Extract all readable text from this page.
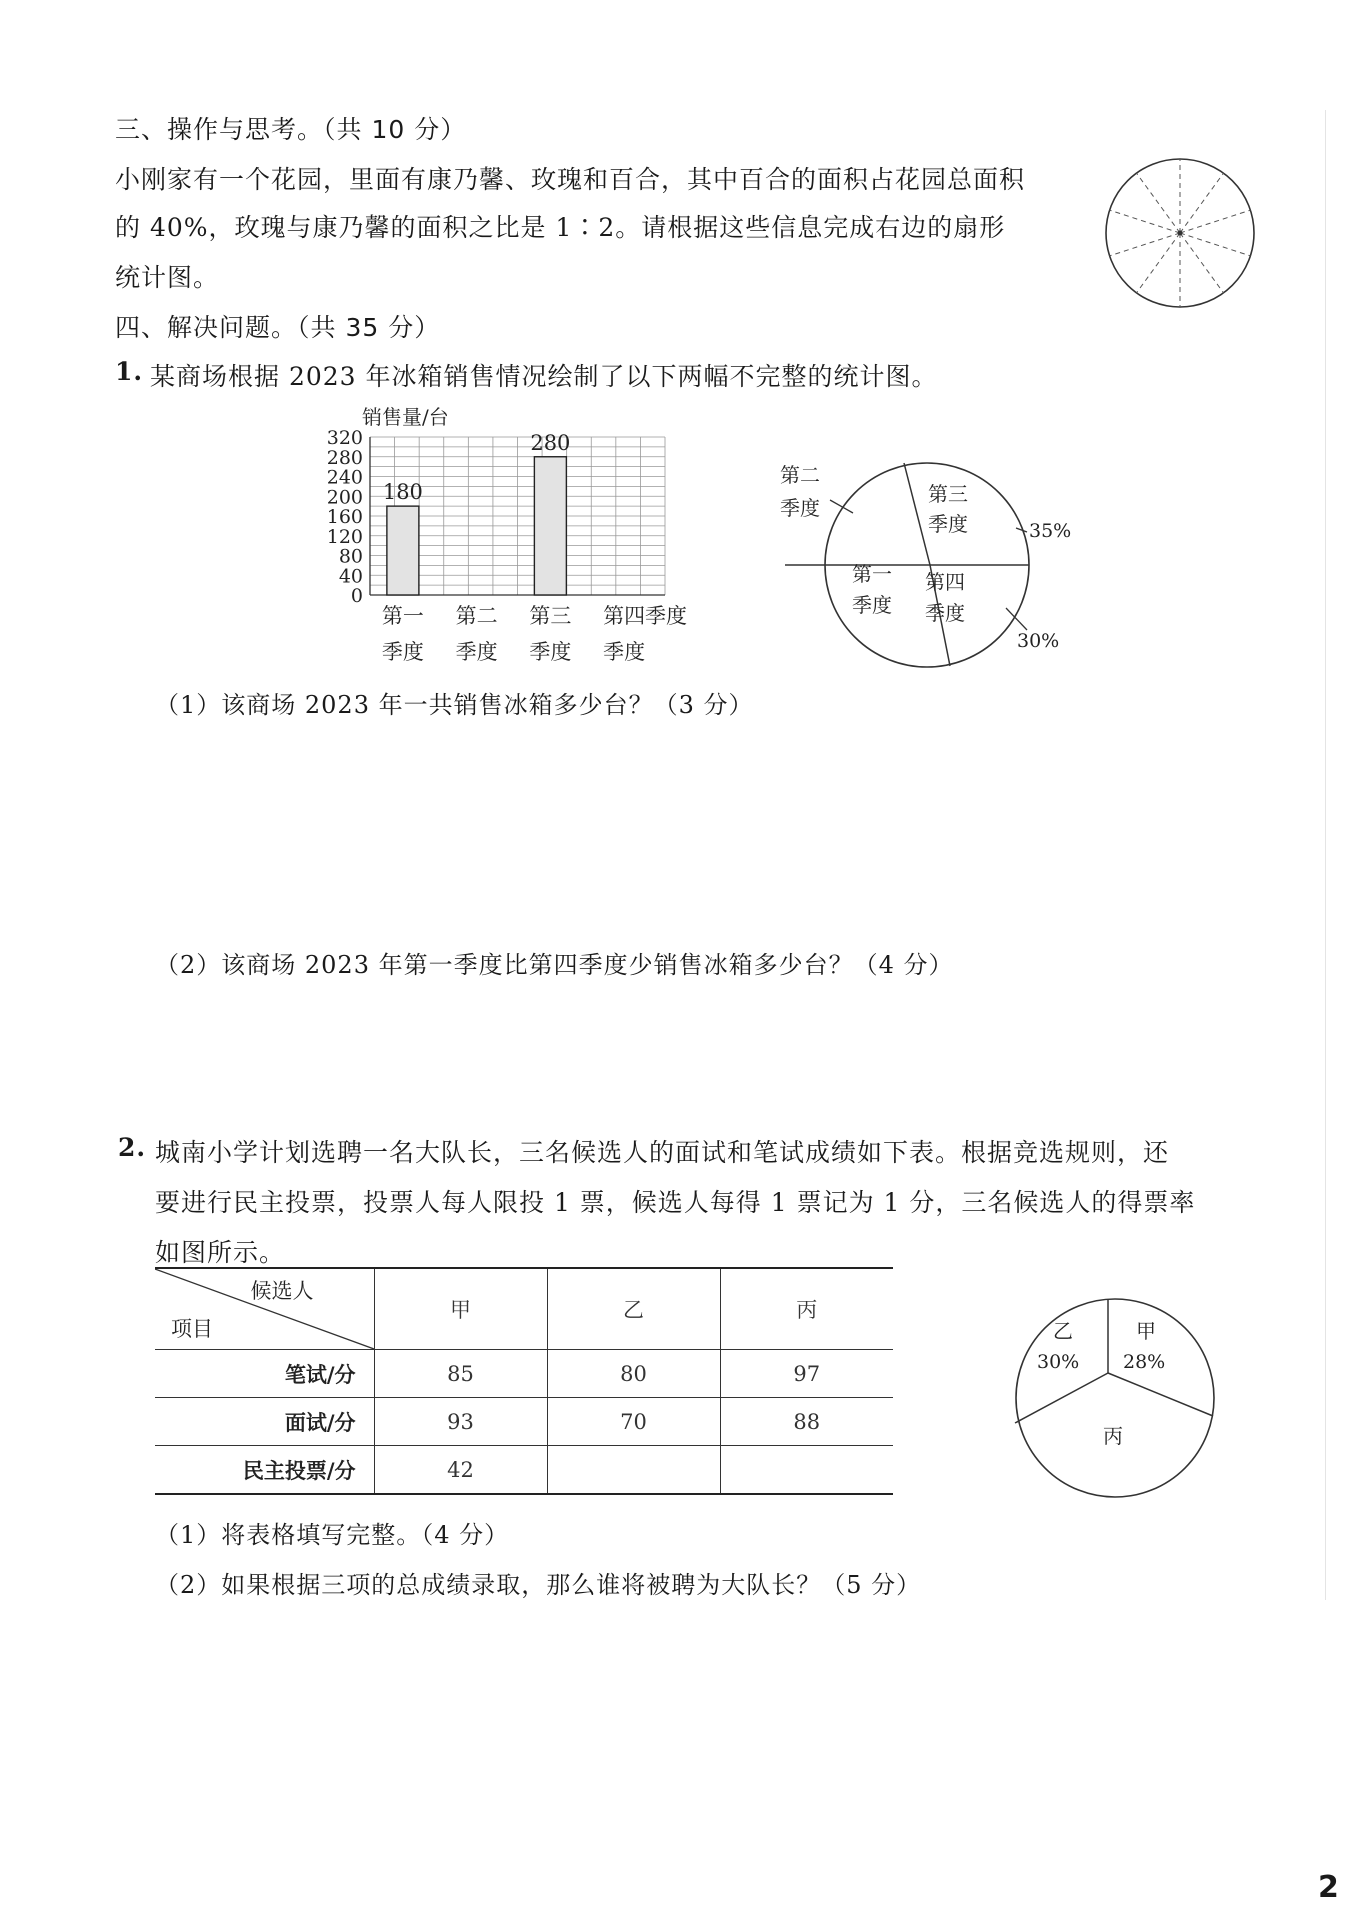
三、操作与思考。（共 10 分）
小刚家有一个花园，里面有康乃馨、玫瑰和百合，其中百合的面积占花园总面积
的 40%，玫瑰与康乃馨的面积之比是 1∶2。请根据这些信息完成右边的扇形
统计图。
四、解决问题。（共 35 分）
1. 某商场根据 2023 年冰箱销售情况绘制了以下两幅不完整的统计图。
销售量/台
0
40
80
120
160
200
240
280
320
180
280
第一
季度
第二
季度
第三
季度
第四
季度
季度
第三
季度	35%
第四
季度
30%
第一
季度
第二
季度
（1）该商场 2023 年一共销售冰箱多少台？（3 分）
（2）该商场 2023 年第一季度比第四季度少销售冰箱多少台？（4 分）
2. 城南小学计划选聘一名大队长，三名候选人的面试和笔试成绩如下表。根据竞选规则，还
要进行民主投票，投票人每人限投 1 票，候选人每得 1 票记为 1 分，三名候选人的得票率
如图所示。
候选人
项目	甲	乙	丙
笔试/分	85	80	97
面试/分	93	70	88
民主投票/分	42		
甲
28%
乙
30%
丙
（1）将表格填写完整。（4 分）
（2）如果根据三项的总成绩录取，那么谁将被聘为大队长？（5 分）
2
